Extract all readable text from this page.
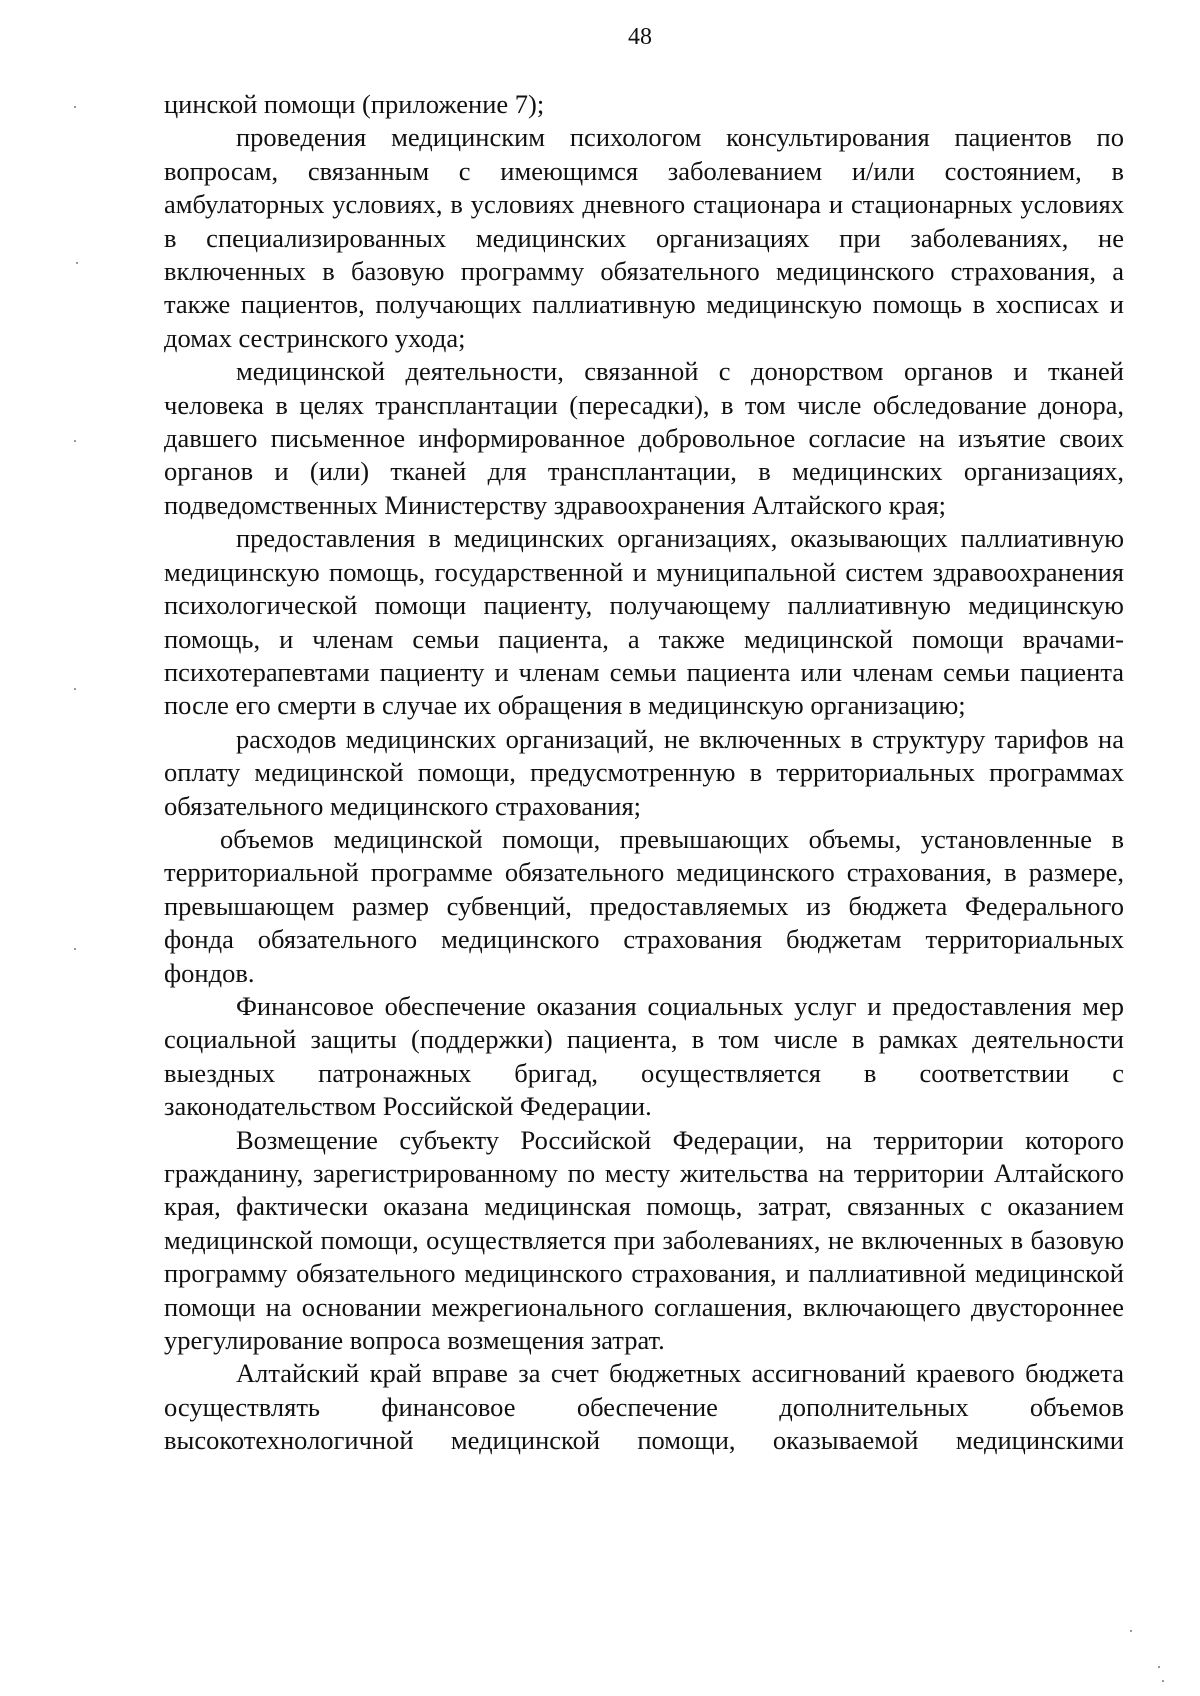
48

цинской помощи (приложение 7);

проведения медицинским психологом консультирования пациентов по вопросам, связанным с имеющимся заболеванием и/или состоянием, в амбулаторных условиях, в условиях дневного стационара и стационарных условиях в специализированных медицинских организациях при заболеваниях, не включенных в базовую программу обязательного медицинского страхования, а также пациентов, получающих паллиативную медицинскую помощь в хосписах и домах сестринского ухода;

медицинской деятельности, связанной с донорством органов и тканей человека в целях трансплантации (пересадки), в том числе обследование донора, давшего письменное информированное добровольное согласие на изъятие своих органов и (или) тканей для трансплантации, в медицинских организациях, подведомственных Министерству здравоохранения Алтайского края;

предоставления в медицинских организациях, оказывающих паллиативную медицинскую помощь, государственной и муниципальной систем здравоохранения психологической помощи пациенту, получающему паллиативную медицинскую помощь, и членам семьи пациента, а также медицинской помощи врачами-психотерапевтами пациенту и членам семьи пациента или членам семьи пациента после его смерти в случае их обращения в медицинскую организацию;

расходов медицинских организаций, не включенных в структуру тарифов на оплату медицинской помощи, предусмотренную в территориальных программах обязательного медицинского страхования;

объемов медицинской помощи, превышающих объемы, установленные в территориальной программе обязательного медицинского страхования, в размере, превышающем размер субвенций, предоставляемых из бюджета Федерального фонда обязательного медицинского страхования бюджетам территориальных фондов.

Финансовое обеспечение оказания социальных услуг и предоставления мер социальной защиты (поддержки) пациента, в том числе в рамках деятельности выездных патронажных бригад, осуществляется в соответствии с законодательством Российской Федерации.

Возмещение субъекту Российской Федерации, на территории которого гражданину, зарегистрированному по месту жительства на территории Алтайского края, фактически оказана медицинская помощь, затрат, связанных с оказанием медицинской помощи, осуществляется при заболеваниях, не включенных в базовую программу обязательного медицинского страхования, и паллиативной медицинской помощи на основании межрегионального соглашения, включающего двустороннее урегулирование вопроса возмещения затрат.

Алтайский край вправе за счет бюджетных ассигнований краевого бюджета осуществлять финансовое обеспечение дополнительных объемов высокотехнологичной медицинской помощи, оказываемой медицинскими
